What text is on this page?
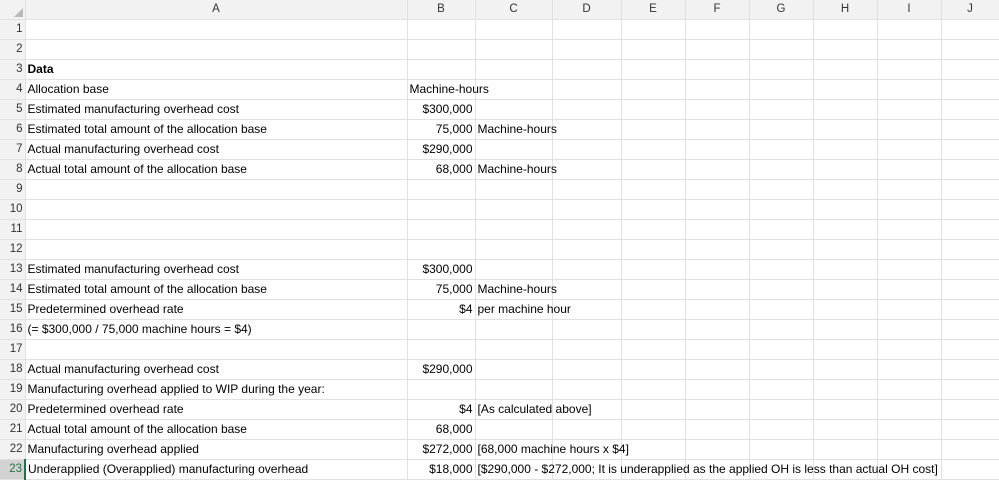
	A	B	C	D	E	F	G	H	I	J
1										
2										
3	Data									
4	Allocation base	Machine-hours								
5	Estimated manufacturing overhead cost	$300,000								
6	Estimated total amount of the allocation base	75,000	Machine-hours							
7	Actual manufacturing overhead cost	$290,000								
8	Actual total amount of the allocation base	68,000	Machine-hours							
9										
10										
11										
12										
13	Estimated manufacturing overhead cost	$300,000								
14	Estimated total amount of the allocation base	75,000	Machine-hours							
15	Predetermined overhead rate	$4	per machine hour							
16	(= $300,000 / 75,000 machine hours = $4)									
17										
18	Actual manufacturing overhead cost	$290,000								
19	Manufacturing overhead applied to WIP during the year:									
20	Predetermined overhead rate	$4	[As calculated above]							
21	Actual total amount of the allocation base	68,000								
22	Manufacturing overhead applied	$272,000	[68,000 machine hours x $4]							
23	Underapplied (Overapplied) manufacturing overhead	$18,000	[$290,000 - $272,000; It is underapplied as the applied OH is less than actual OH cost]							
